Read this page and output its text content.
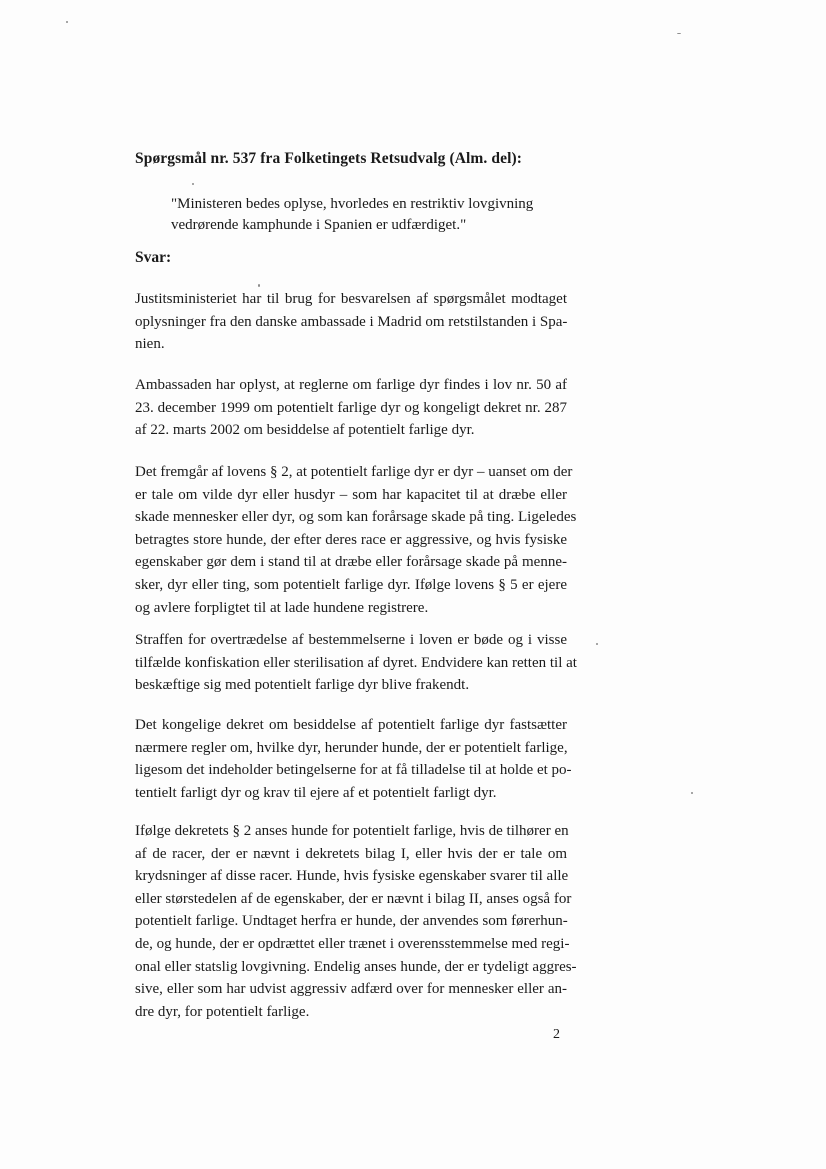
Spørgsmål nr. 537 fra Folketingets Retsudvalg (Alm. del):
"Ministeren bedes oplyse, hvorledes en restriktiv lovgivning
vedrørende kamphunde i Spanien er udfærdiget."
Svar:
Justitsministeriet har til brug for besvarelsen af spørgsmålet modtaget
oplysninger fra den danske ambassade i Madrid om retstilstanden i Spa-
nien.
Ambassaden har oplyst, at reglerne om farlige dyr findes i lov nr. 50 af
23. december 1999 om potentielt farlige dyr og kongeligt dekret nr. 287
af 22. marts 2002 om besiddelse af potentielt farlige dyr.
Det fremgår af lovens § 2, at potentielt farlige dyr er dyr – uanset om der
er tale om vilde dyr eller husdyr – som har kapacitet til at dræbe eller
skade mennesker eller dyr, og som kan forårsage skade på ting. Ligeledes
betragtes store hunde, der efter deres race er aggressive, og hvis fysiske
egenskaber gør dem i stand til at dræbe eller forårsage skade på menne-
sker, dyr eller ting, som potentielt farlige dyr. Ifølge lovens § 5 er ejere
og avlere forpligtet til at lade hundene registrere.
Straffen for overtrædelse af bestemmelserne i loven er bøde og i visse
tilfælde konfiskation eller sterilisation af dyret. Endvidere kan retten til at
beskæftige sig med potentielt farlige dyr blive frakendt.
Det kongelige dekret om besiddelse af potentielt farlige dyr fastsætter
nærmere regler om, hvilke dyr, herunder hunde, der er potentielt farlige,
ligesom det indeholder betingelserne for at få tilladelse til at holde et po-
tentielt farligt dyr og krav til ejere af et potentielt farligt dyr.
Ifølge dekretets § 2 anses hunde for potentielt farlige, hvis de tilhører en
af de racer, der er nævnt i dekretets bilag I, eller hvis der er tale om
krydsninger af disse racer. Hunde, hvis fysiske egenskaber svarer til alle
eller størstedelen af de egenskaber, der er nævnt i bilag II, anses også for
potentielt farlige. Undtaget herfra er hunde, der anvendes som førerhun-
de, og hunde, der er opdrættet eller trænet i overensstemmelse med regi-
onal eller statslig lovgivning. Endelig anses hunde, der er tydeligt aggres-
sive, eller som har udvist aggressiv adfærd over for mennesker eller an-
dre dyr, for potentielt farlige.
2
